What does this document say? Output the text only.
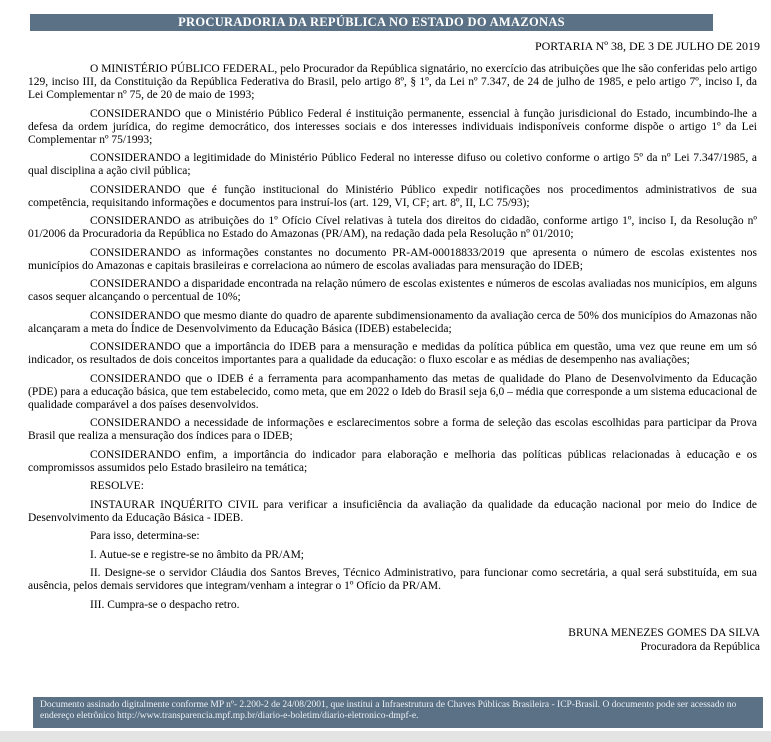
PROCURADORIA DA REPÚBLICA NO ESTADO DO AMAZONAS
PORTARIA Nº 38, DE 3 DE JULHO DE 2019

O MINISTÉRIO PÚBLICO FEDERAL, pelo Procurador da República signatário, no exercício das atribuições que lhe são conferidas pelo artigo 129, inciso III, da Constituição da República Federativa do Brasil, pelo artigo 8º, § 1º, da Lei nº 7.347, de 24 de julho de 1985, e pelo artigo 7º, inciso I, da Lei Complementar nº 75, de 20 de maio de 1993;

CONSIDERANDO que o Ministério Público Federal é instituição permanente, essencial à função jurisdicional do Estado, incumbindo-lhe a defesa da ordem jurídica, do regime democrático, dos interesses sociais e dos interesses individuais indisponíveis conforme dispõe o artigo 1º da Lei Complementar nº 75/1993;

CONSIDERANDO a legitimidade do Ministério Público Federal no interesse difuso ou coletivo conforme o artigo 5º da nº Lei 7.347/1985, a qual disciplina a ação civil pública;

CONSIDERANDO que é função institucional do Ministério Público expedir notificações nos procedimentos administrativos de sua competência, requisitando informações e documentos para instruí-los (art. 129, VI, CF; art. 8º, II, LC 75/93);

CONSIDERANDO as atribuições do 1º Ofício Cível relativas à tutela dos direitos do cidadão, conforme artigo 1º, inciso I, da Resolução nº 01/2006 da Procuradoria da República no Estado do Amazonas (PR/AM), na redação dada pela Resolução nº 01/2010;

CONSIDERANDO as informações constantes no documento PR-AM-00018833/2019 que apresenta o número de escolas existentes nos municípios do Amazonas e capitais brasileiras e correlaciona ao número de escolas avaliadas para mensuração do IDEB;

CONSIDERANDO a disparidade encontrada na relação número de escolas existentes e números de escolas avaliadas nos municípios, em alguns casos sequer alcançando o percentual de 10%;

CONSIDERANDO que mesmo diante do quadro de aparente subdimensionamento da avaliação cerca de 50% dos municípios do Amazonas não alcançaram a meta do Índice de Desenvolvimento da Educação Básica (IDEB) estabelecida;

CONSIDERANDO que a importância do IDEB para a mensuração e medidas da política pública em questão, uma vez que reune em um só indicador, os resultados de dois conceitos importantes para a qualidade da educação: o fluxo escolar e as médias de desempenho nas avaliações;

CONSIDERANDO que o IDEB é a ferramenta para acompanhamento das metas de qualidade do Plano de Desenvolvimento da Educação (PDE) para a educação básica, que tem estabelecido, como meta, que em 2022 o Ideb do Brasil seja 6,0 – média que corresponde a um sistema educacional de qualidade comparável a dos países desenvolvidos.

CONSIDERANDO a necessidade de informações e esclarecimentos sobre a forma de seleção das escolas escolhidas para participar da Prova Brasil que realiza a mensuração dos índices para o IDEB;

CONSIDERANDO enfim, a importância do indicador para elaboração e melhoria das políticas públicas relacionadas à educação e os compromissos assumidos pelo Estado brasileiro na temática;

RESOLVE:

INSTAURAR INQUÉRITO CIVIL para verificar a insuficiência da avaliação da qualidade da educação nacional por meio do Indice de Desenvolvimento da Educação Básica - IDEB.

Para isso, determina-se:

I. Autue-se e registre-se no âmbito da PR/AM;

II. Designe-se o servidor Cláudia dos Santos Breves, Técnico Administrativo, para funcionar como secretária, a qual será substituída, em sua ausência, pelos demais servidores que integram/venham a integrar o 1º Ofício da PR/AM.

III. Cumpra-se o despacho retro.

BRUNA MENEZES GOMES DA SILVA
Procuradora da República
Documento assinado digitalmente conforme MP nº- 2.200-2 de 24/08/2001, que institui a Infraestrutura de Chaves Públicas Brasileira - ICP-Brasil. O documento pode ser acessado no endereço eletrônico http://www.transparencia.mpf.mp.br/diario-e-boletim/diario-eletronico-dmpf-e.
